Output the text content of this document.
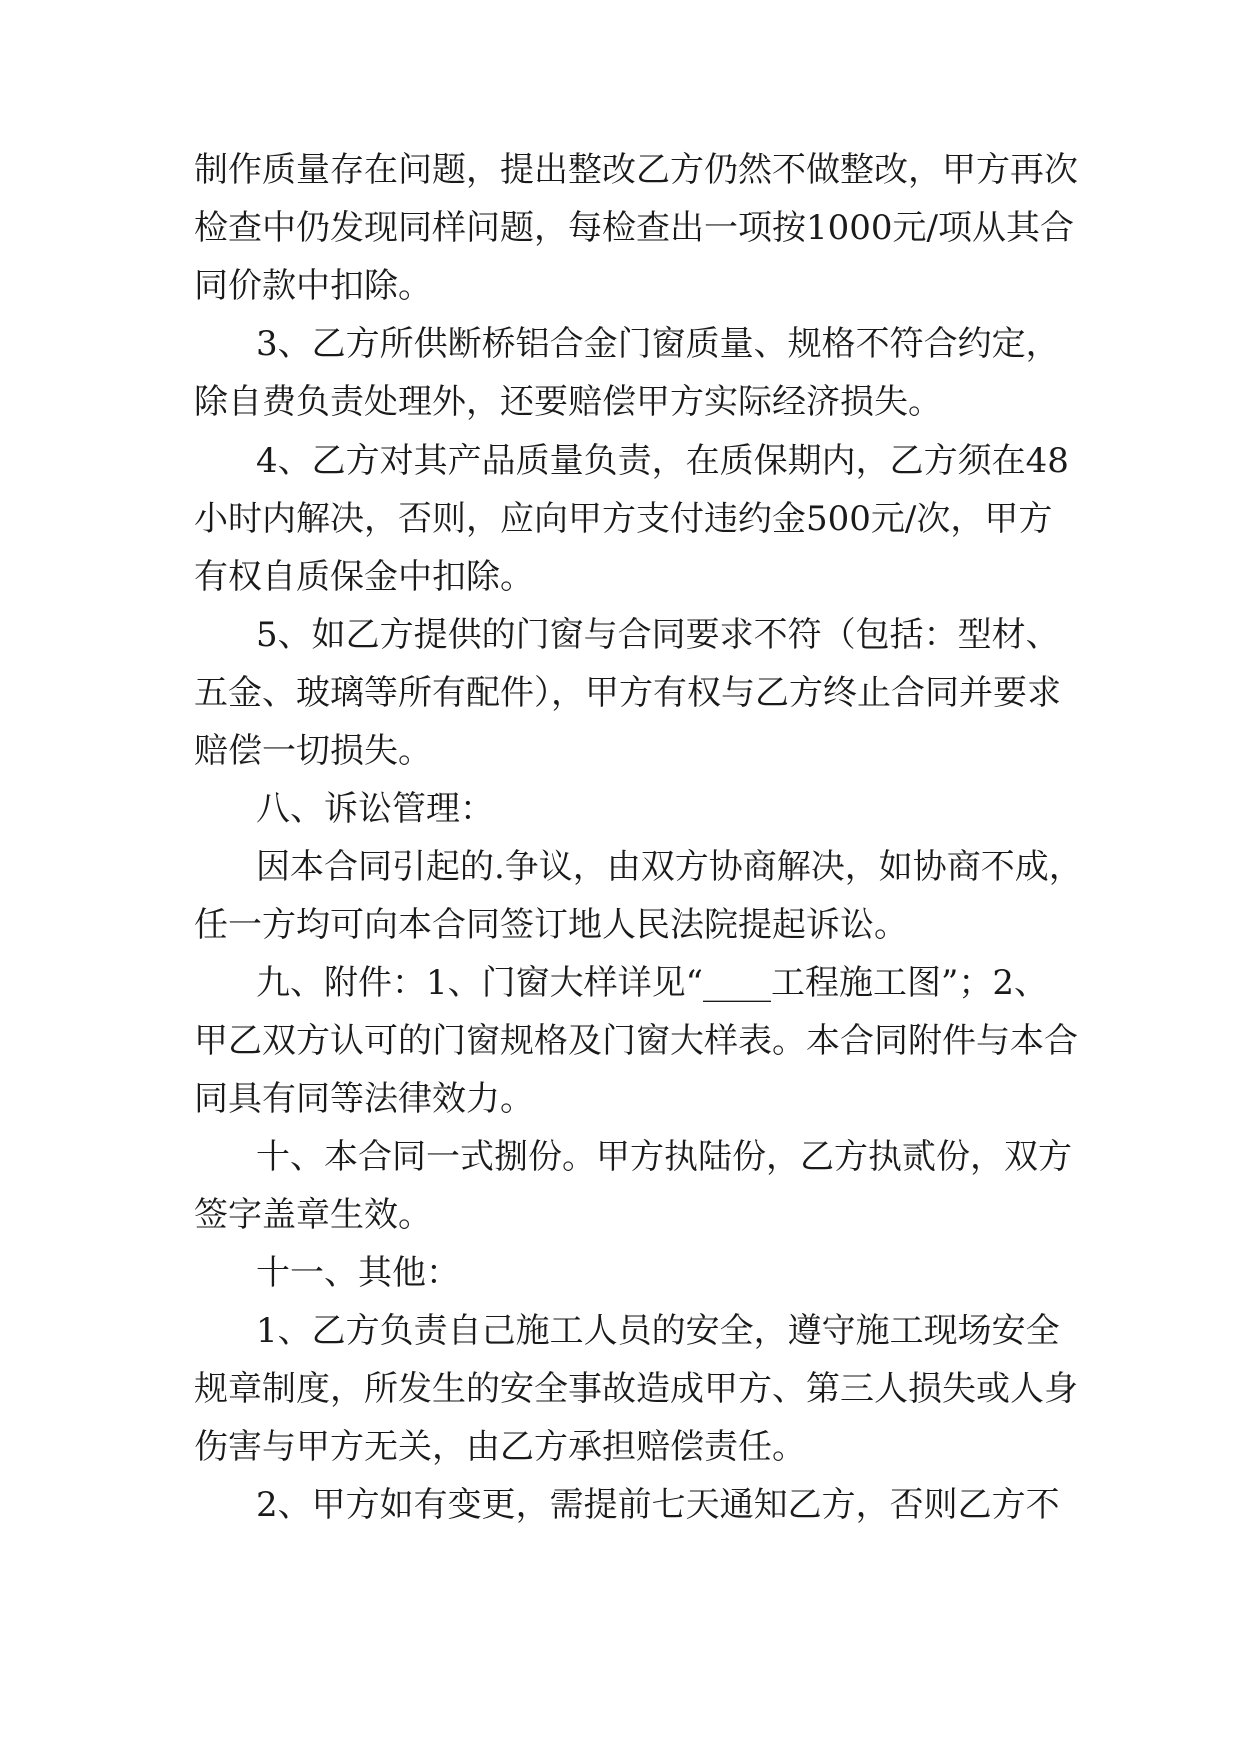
制作质量存在问题，提出整改乙方仍然不做整改，甲方再次
检查中仍发现同样问题，每检查出一项按1000元/项从其合
同价款中扣除。
3、乙方所供断桥铝合金门窗质量、规格不符合约定，
除自费负责处理外，还要赔偿甲方实际经济损失。
4、乙方对其产品质量负责，在质保期内，乙方须在48
小时内解决，否则，应向甲方支付违约金500元/次，甲方
有权自质保金中扣除。
5、如乙方提供的门窗与合同要求不符（包括：型材、
五金、玻璃等所有配件），甲方有权与乙方终止合同并要求
赔偿一切损失。
八、诉讼管理：
因本合同引起的.争议，由双方协商解决，如协商不成，
任一方均可向本合同签订地人民法院提起诉讼。
九、附件：1、门窗大样详见“____工程施工图”；2、
甲乙双方认可的门窗规格及门窗大样表。本合同附件与本合
同具有同等法律效力。
十、本合同一式捌份。甲方执陆份，乙方执贰份，双方
签字盖章生效。
十一、其他：
1、乙方负责自己施工人员的安全，遵守施工现场安全
规章制度，所发生的安全事故造成甲方、第三人损失或人身
伤害与甲方无关，由乙方承担赔偿责任。
2、甲方如有变更，需提前七天通知乙方，否则乙方不
